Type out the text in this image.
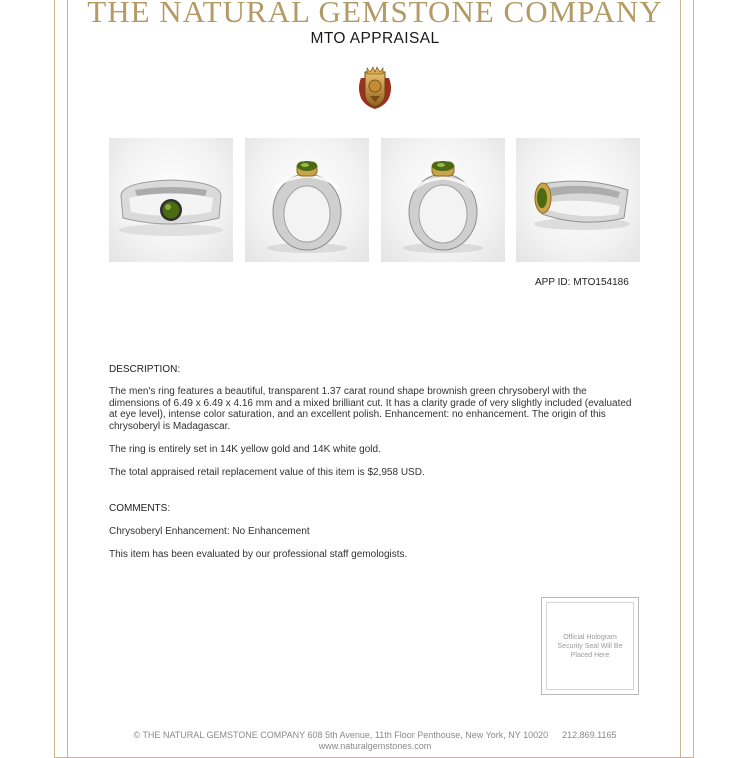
THE NATURAL GEMSTONE COMPANY
MTO APPRAISAL
APP ID: MTO154186
DESCRIPTION:
The men's ring features a beautiful, transparent 1.37 carat round shape brownish green chrysoberyl with the dimensions of 6.49 x 6.49 x 4.16 mm and a mixed brilliant cut. It has a clarity grade of very slightly included (evaluated at eye level), intense color saturation, and an excellent polish. Enhancement: no enhancement. The origin of this chrysoberyl is Madagascar.
The ring is entirely set in 14K yellow gold and 14K white gold.
The total appraised retail replacement value of this item is $2,958 USD.
COMMENTS:
Chrysoberyl Enhancement: No Enhancement
This item has been evaluated by our professional staff gemologists.
Official Hologram Security Seal Will Be Placed Here
© THE NATURAL GEMSTONE COMPANY 608 5th Avenue, 11th Floor Penthouse, New York, NY 10020 212.869.1165
www.naturalgemstones.com
